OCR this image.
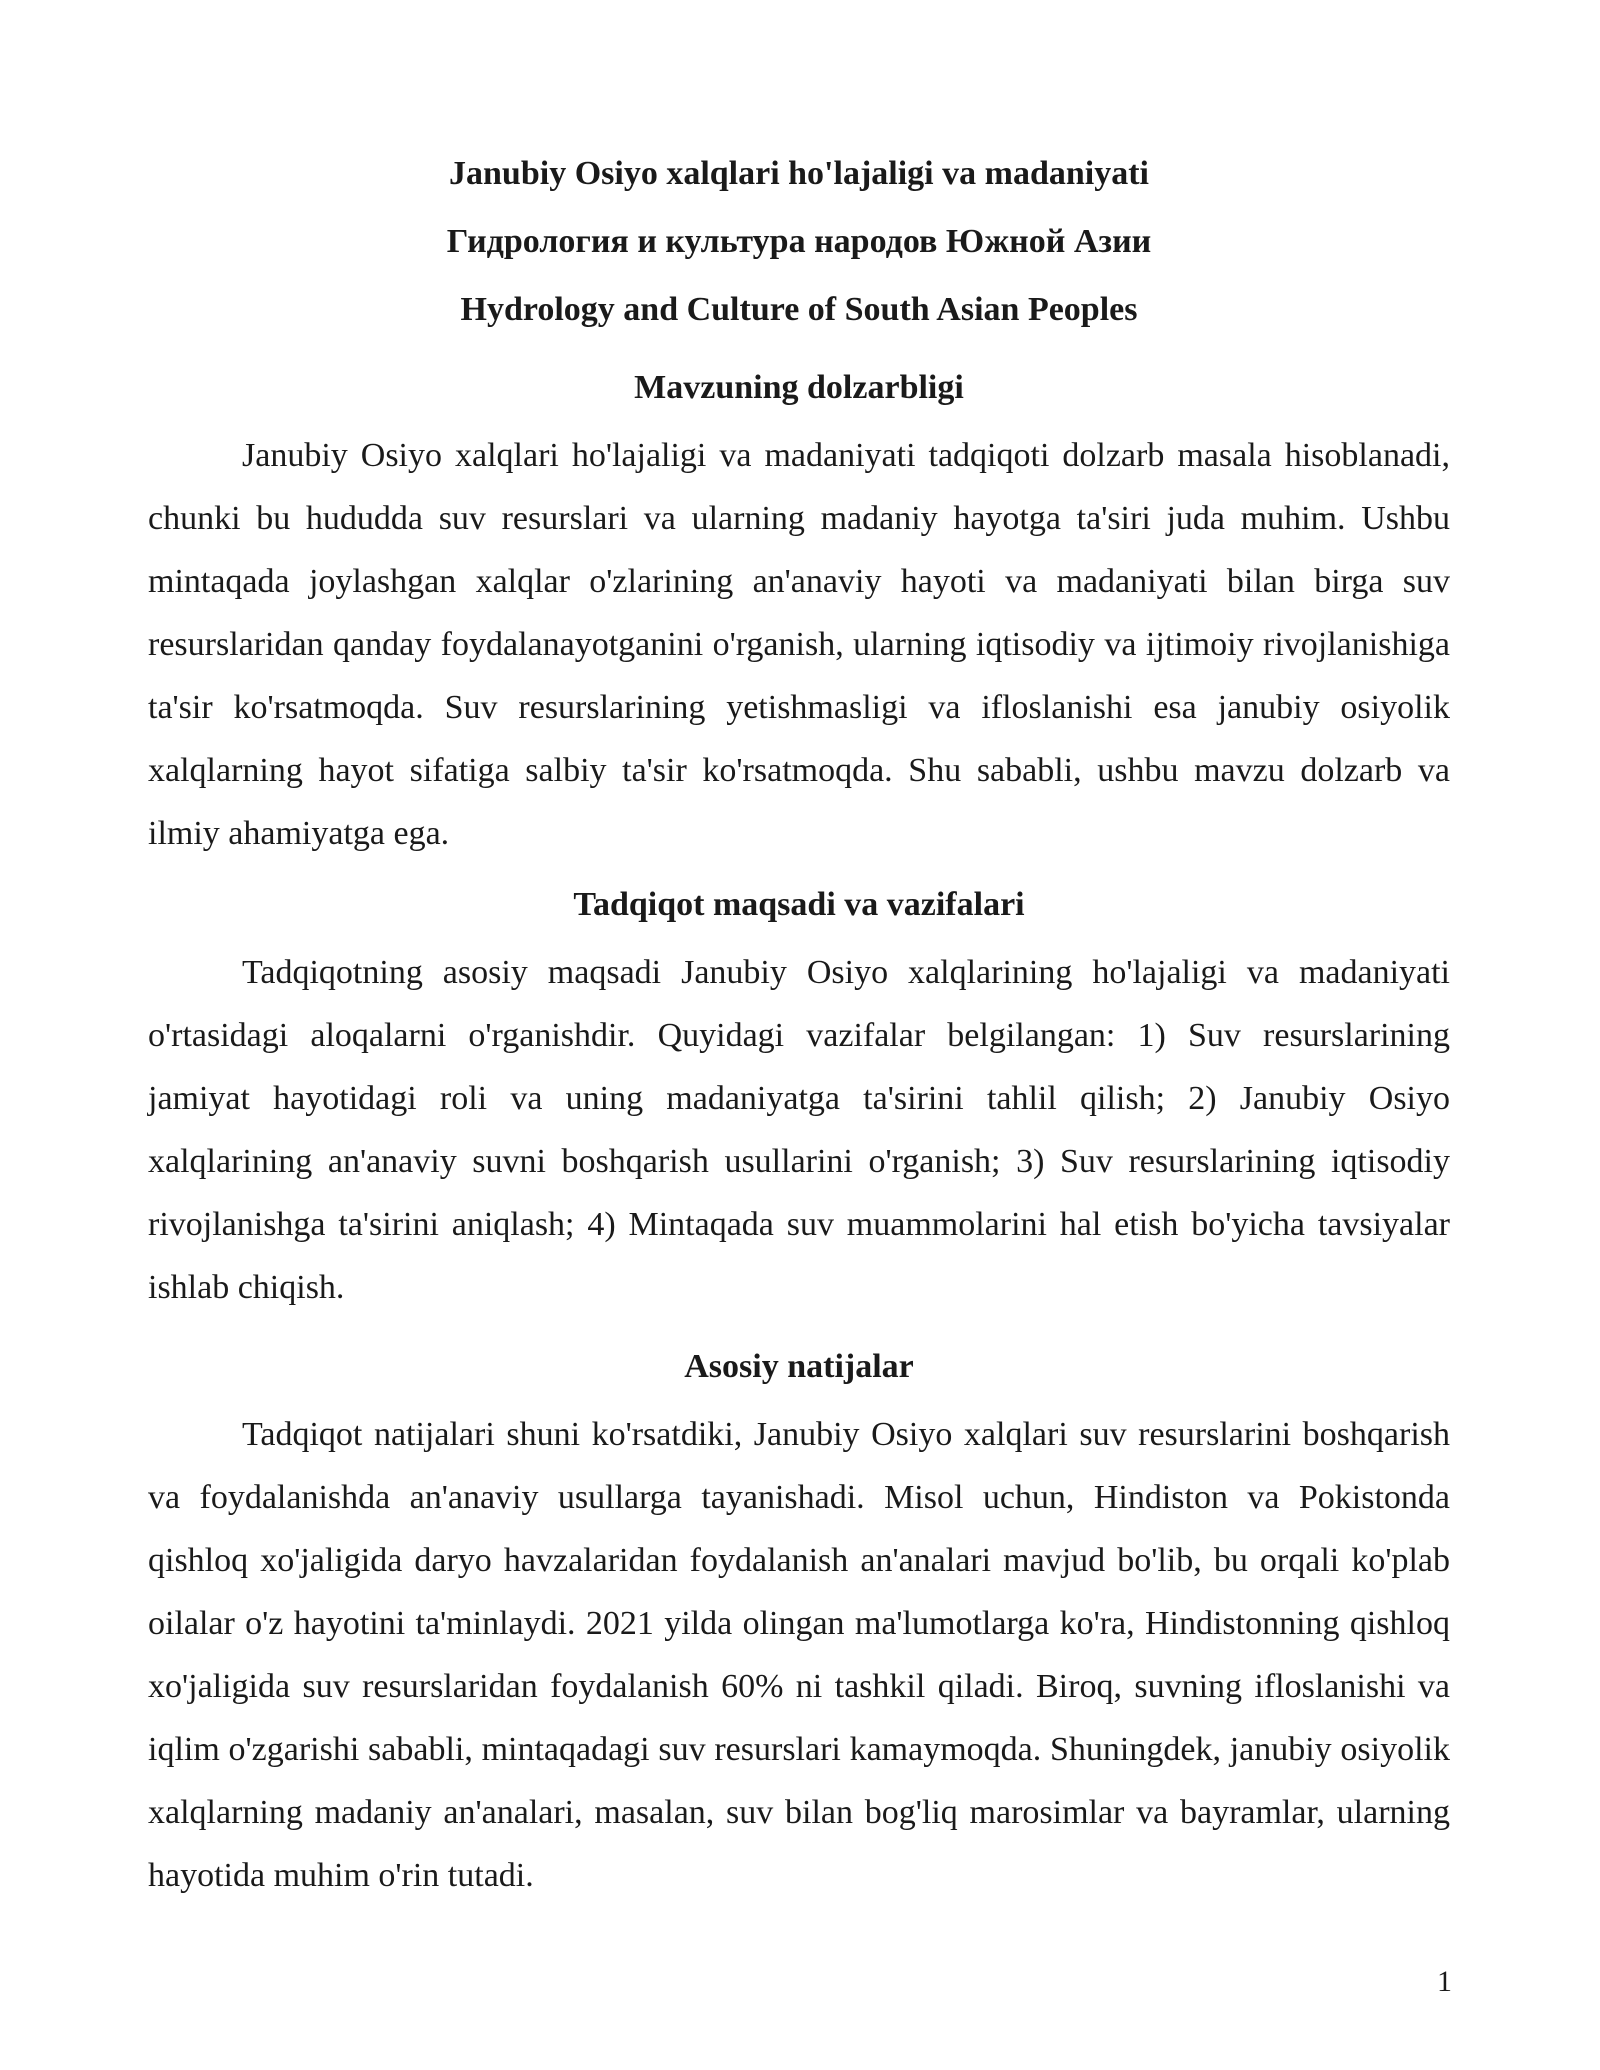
Janubiy Osiyo xalqlari ho'lajaligi va madaniyati

Гидрология и культура народов Южной Азии

Hydrology and Culture of South Asian Peoples

Mavzuning dolzarbligi

Janubiy Osiyo xalqlari ho'lajaligi va madaniyati tadqiqoti dolzarb masala hisoblanadi, chunki bu hududda suv resurslari va ularning madaniy hayotga ta'siri juda muhim. Ushbu mintaqada joylashgan xalqlar o'zlarining an'anaviy hayoti va madaniyati bilan birga suv resurslaridan qanday foydalanayotganini o'rganish, ularning iqtisodiy va ijtimoiy rivojlanishiga ta'sir ko'rsatmoqda. Suv resurslarining yetishmasligi va ifloslanishi esa janubiy osiyolik xalqlarning hayot sifatiga salbiy ta'sir ko'rsatmoqda. Shu sababli, ushbu mavzu dolzarb va ilmiy ahamiyatga ega.

Tadqiqot maqsadi va vazifalari

Tadqiqotning asosiy maqsadi Janubiy Osiyo xalqlarining ho'lajaligi va madaniyati o'rtasidagi aloqalarni o'rganishdir. Quyidagi vazifalar belgilangan: 1) Suv resurslarining jamiyat hayotidagi roli va uning madaniyatga ta'sirini tahlil qilish; 2) Janubiy Osiyo xalqlarining an'anaviy suvni boshqarish usullarini o'rganish; 3) Suv resurslarining iqtisodiy rivojlanishga ta'sirini aniqlash; 4) Mintaqada suv muammolarini hal etish bo'yicha tavsiyalar ishlab chiqish.

Asosiy natijalar

Tadqiqot natijalari shuni ko'rsatdiki, Janubiy Osiyo xalqlari suv resurslarini boshqarish va foydalanishda an'anaviy usullarga tayanishadi. Misol uchun, Hindiston va Pokistonda qishloq xo'jaligida daryo havzalaridan foydalanish an'analari mavjud bo'lib, bu orqali ko'plab oilalar o'z hayotini ta'minlaydi. 2021 yilda olingan ma'lumotlarga ko'ra, Hindistonning qishloq xo'jaligida suv resurslaridan foydalanish 60% ni tashkil qiladi. Biroq, suvning ifloslanishi va iqlim o'zgarishi sababli, mintaqadagi suv resurslari kamaymoqda. Shuningdek, janubiy osiyolik xalqlarning madaniy an'analari, masalan, suv bilan bog'liq marosimlar va bayramlar, ularning hayotida muhim o'rin tutadi.

1
